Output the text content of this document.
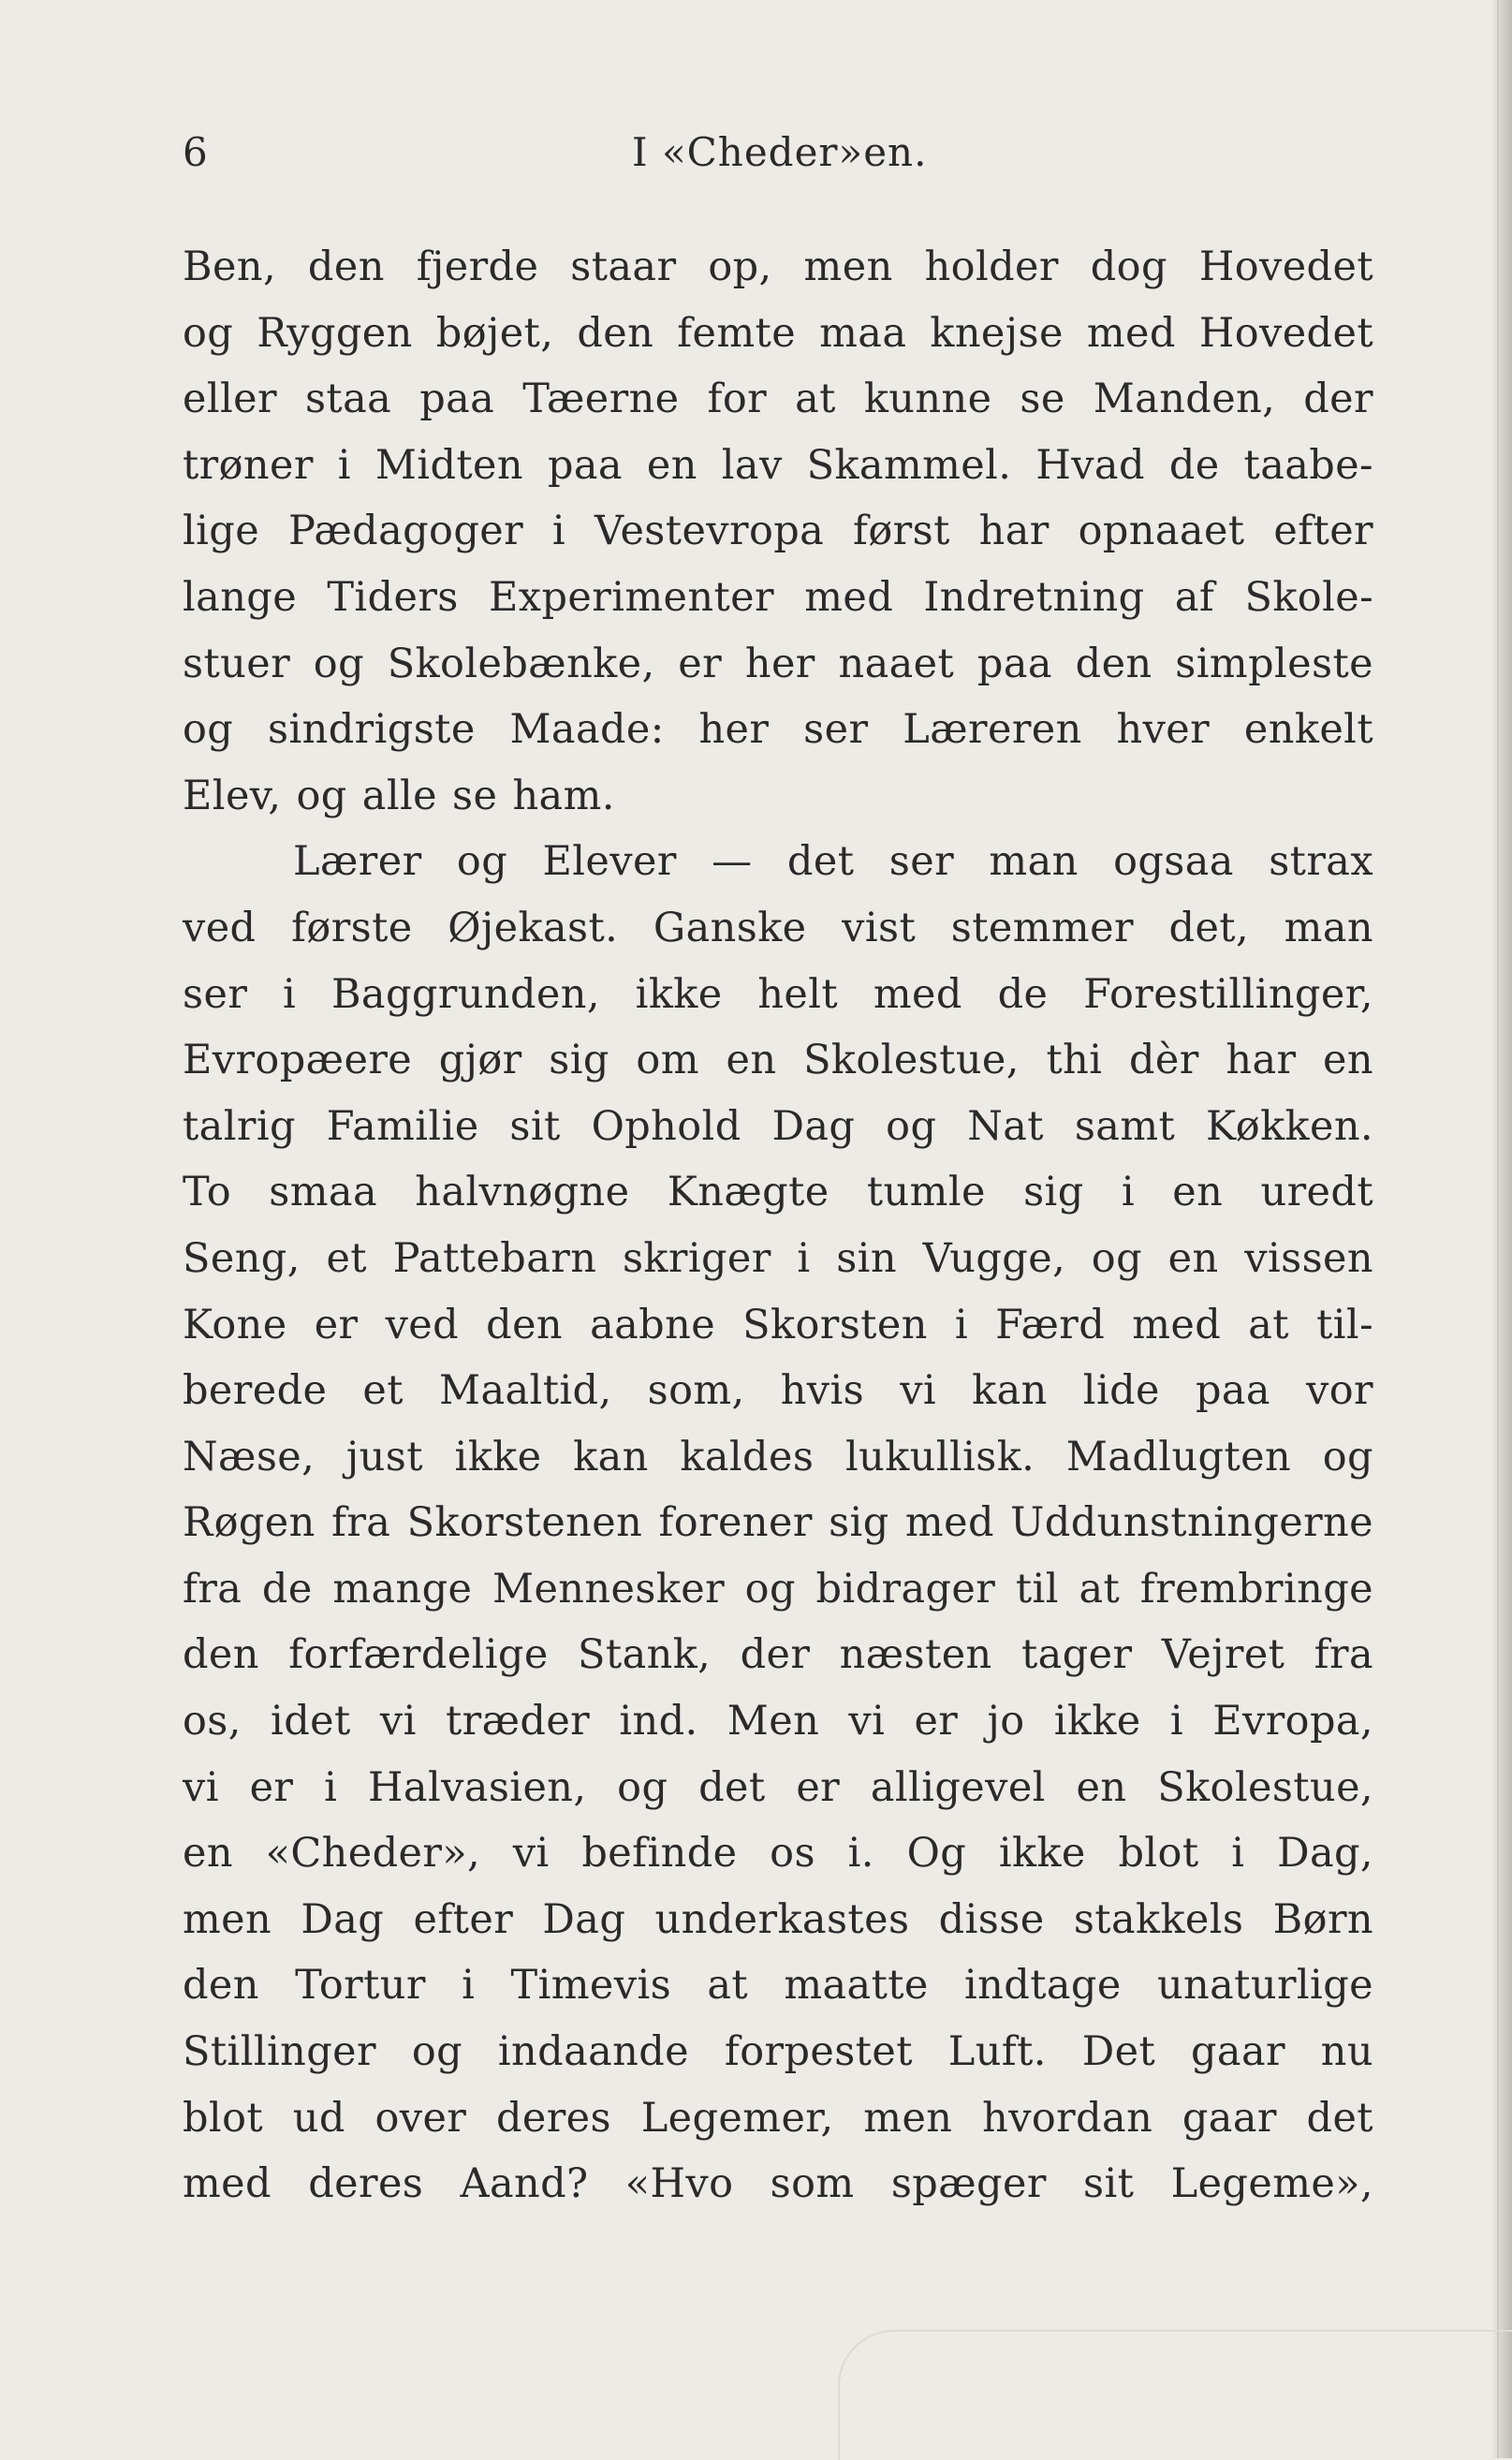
6	I «Cheder»en.
Ben, den fjerde staar op, men holder dog Hovedet
og Ryggen bøjet, den femte maa knejse med Hovedet
eller staa paa Tæerne for at kunne se Manden, der
trøner i Midten paa en lav Skammel. Hvad de taabe-
lige Pædagoger i Vestevropa først har opnaaet efter
lange Tiders Experimenter med Indretning af Skole-
stuer og Skolebænke, er her naaet paa den simpleste
og sindrigste Maade: her ser Læreren hver enkelt
Elev, og alle se ham.
Lærer og Elever — det ser man ogsaa strax
ved første Øjekast. Ganske vist stemmer det, man
ser i Baggrunden, ikke helt med de Forestillinger,
Evropæere gjør sig om en Skolestue, thi dèr har en
talrig Familie sit Ophold Dag og Nat samt Køkken.
To smaa halvnøgne Knægte tumle sig i en uredt
Seng, et Pattebarn skriger i sin Vugge, og en vissen
Kone er ved den aabne Skorsten i Færd med at til-
berede et Maaltid, som, hvis vi kan lide paa vor
Næse, just ikke kan kaldes lukullisk. Madlugten og
Røgen fra Skorstenen forener sig med Uddunstningerne
fra de mange Mennesker og bidrager til at frembringe
den forfærdelige Stank, der næsten tager Vejret fra
os, idet vi træder ind. Men vi er jo ikke i Evropa,
vi er i Halvasien, og det er alligevel en Skolestue,
en «Cheder», vi befinde os i. Og ikke blot i Dag,
men Dag efter Dag underkastes disse stakkels Børn
den Tortur i Timevis at maatte indtage unaturlige
Stillinger og indaande forpestet Luft. Det gaar nu
blot ud over deres Legemer, men hvordan gaar det
med deres Aand? «Hvo som spæger sit Legeme»,
